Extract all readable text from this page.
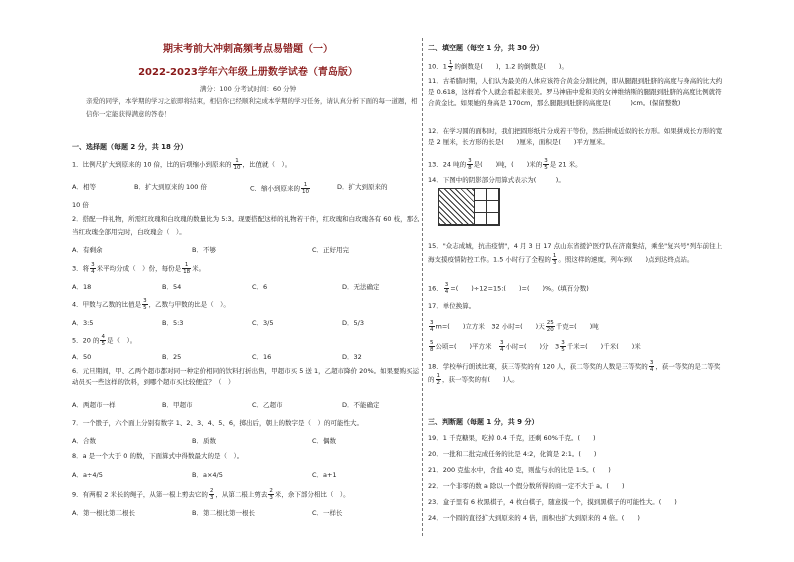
期末考前大冲刺高频考点易错题（一）
2022-2023学年六年级上册数学试卷（青岛版）
满分：100 分考试时间：60 分钟
亲爱的同学，本学期的学习之旅即将结束，相信你已经顺利完成本学期的学习任务，请认真分析下面的每一道题，相信你一定能获得满意的答卷！
一、选择题（每题 2 分，共 18 分）
1．比例尺扩大到原来的 10 倍，比的后项缩小到原来的 $\frac{1}{10}$ ，比值就（　）。
A．相等	B．扩大到原来的 100 倍	C．缩小到原来的 $\frac{1}{10}$	D．扩大到原来的
10 倍
2．搭配一件礼物，所需红玫瑰和白玫瑰的数量比为 5:3。现要搭配这样的礼物若干件，红玫瑰和白玫瑰各有 60 枝，那么当红玫瑰全部用完时，白玫瑰会（　）。
A．有剩余	B．不够	C．正好用完
3．将 $\frac{3}{4}$ 米平均分成（　）份，每份是 $\frac{1}{18}$ 米。
A．18	B．54	C．6	D．无法确定
4．甲数与乙数的比值是 $\frac{3}{5}$ ，乙数与甲数的比是（　）。
A．3:5	B．5:3	C．3/5	D．5/3
5．20 的 $\frac{4}{5}$ 是（　）。
A．50	B．25	C．16	D．32
6．元旦期间，甲、乙两个超市都对同一种定价相同的饮料打折出售，甲超市买 5 送 1，乙超市降价 20%。如果要购买运动员买一些这样的饮料，到哪个超市买比较便宜？（　）
A．两超市一样	B．甲超市	C．乙超市	D．不能确定
7．一个骰子，六个面上分别有数字 1、2、3、4、5、6，掷出后，朝上的数字是（　）的可能性大。
A．合数	B．质数	C．偶数
8．a 是一个大于 0 的数，下面算式中得数最大的是（　）。
A．a÷4/5	B．a×4/5	C．a+1
9．有两根 2 米长的绳子，从第一根上剪去它的 $\frac{2}{3}$ ，从第二根上剪去 $\frac{2}{3}$ 米，余下部分相比（　）。
A．第一根比第二根长	B．第二根比第一根长	C．一样长
二、填空题（每空 1 分，共 30 分）
10．$1 \frac{1}{2}$ 的倒数是(　　)，1.2 的倒数是(　　)。
11．古希腊时期，人们认为最美的人体应该符合黄金分割比例，即从腿跟到肚脐的高度与身高的比大约是 0.618，这样看个人就会看起来很美。罗马神庙中爱和美的女神维纳斯的腿跟到肚脐的高度比例就符合黄金比。如果她的身高是 170cm，那么腿跟到肚脐的高度是(　　　)cm。(保留整数)
12．在学习圆的面积时，我们把圆形纸片分成若干等份，然后拼成近似的长方形。如果拼成长方形的宽是 2 厘米，长方形的长是(　　)厘米，面积是(　　)平方厘米。
13．24 吨的 $\frac{3}{8}$ 是(　　)吨，(　　)米的 $\frac{3}{5}$ 是 21 米。
14．下图中的阴影部分用算式表示为(　　　)。
15．"众志成城，抗击疫情"，4 月 3 日 17 点山东省援沪医疗队在济南集结，乘坐"复兴号"列车前往上海支援疫情防控工作。1.5 小时行了全程的 $\frac{1}{3}$ 。照这样的速度，列车到(　　)点到达终点站。
16． $\frac{3}{4}$ =(　　)÷12=15:(　　)=(　　)%。(填百分数)
17．单位换算。
$\frac{3}{4} m=$(　　)立方米　32 小时=(　　)天 $\frac{25}{20}$ 千克=(　　)吨
$\frac{5}{8}$ 公顷=(　　)平方米　 $\frac{3}{4}$ 小时=(　　)分　$3 \frac{3}{5}$ 千米=(　　)千米(　　)米
18．学校举行朗读比赛，获三等奖的有 120 人，获二等奖的人数是三等奖的 $\frac{3}{4}$ ，获一等奖的是二等奖的 $\frac{1}{2}$ ，获一等奖的有(　　)人。
三、判断题（每题 1 分，共 9 分）
19．1 千克糖果，吃掉 0.4 千克，还剩 60%千克。(　　)
20．一批和二批完成任务的比是 4:2，化简是 2:1。(　　)
21．200 克盐水中，含盐 40 克，则盐与水的比是 1:5。(　　)
22．一个非零的数 a 除以一个假分数所得的商一定不大于 a。(　　)
23．盒子里有 6 枚黑棋子，4 枚白棋子，随意摸一个，摸到黑棋子的可能性大。(　　)
24．一个圆的直径扩大到原来的 4 倍，面积也扩大到原来的 4 倍。(　　)
